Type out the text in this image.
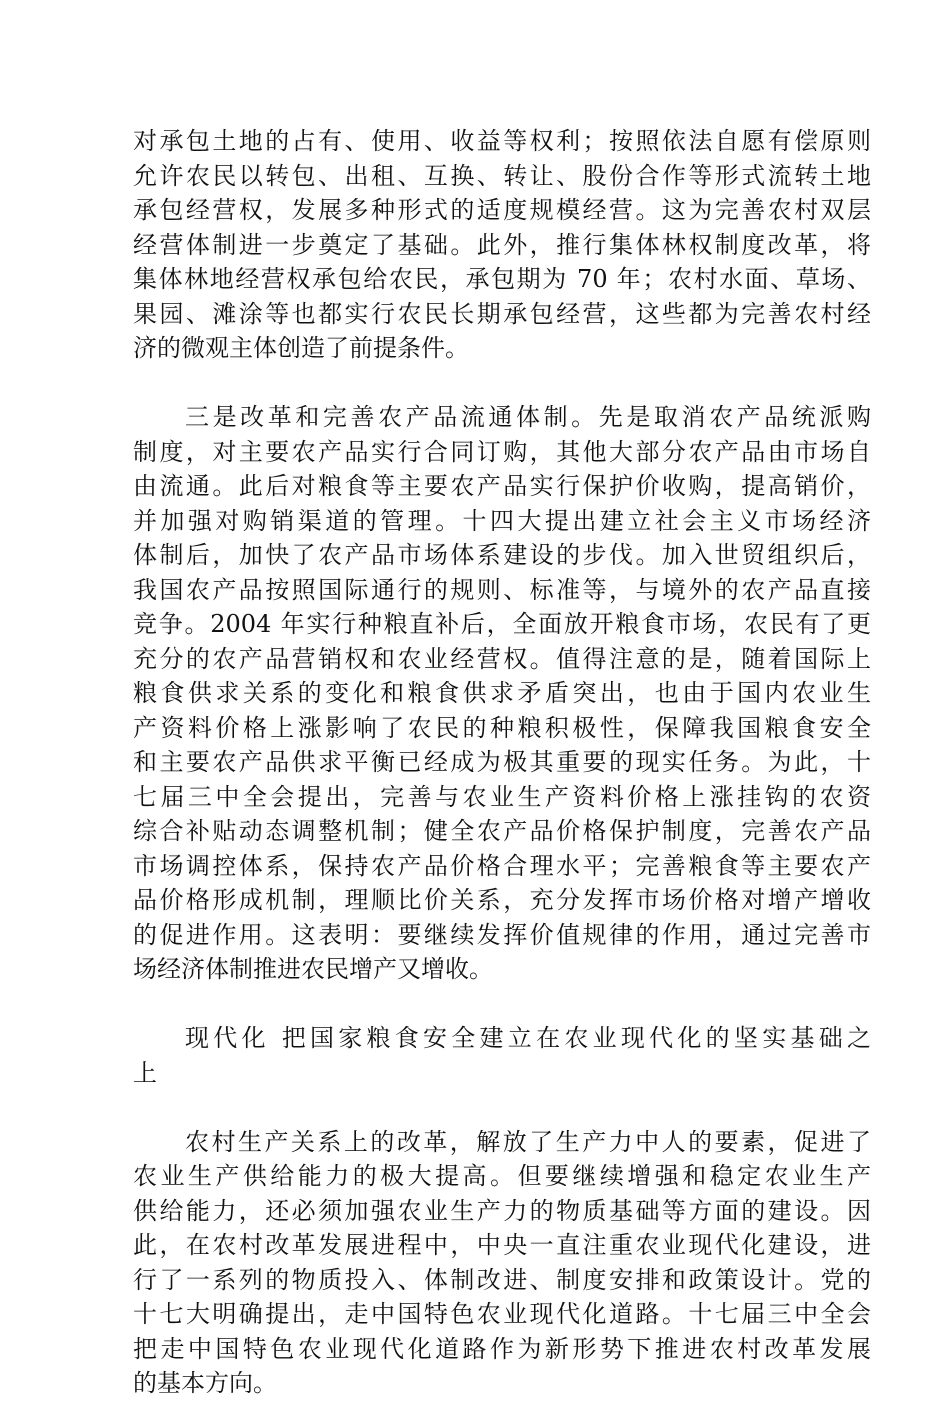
对承包土地的占有、使用、收益等权利；按照依法自愿有偿原则
允许农民以转包、出租、互换、转让、股份合作等形式流转土地
承包经营权，发展多种形式的适度规模经营。这为完善农村双层
经营体制进一步奠定了基础。此外，推行集体林权制度改革，将
集体林地经营权承包给农民，承包期为 70 年；农村水面、草场、
果园、滩涂等也都实行农民长期承包经营，这些都为完善农村经
济的微观主体创造了前提条件。
三是改革和完善农产品流通体制。先是取消农产品统派购
制度，对主要农产品实行合同订购，其他大部分农产品由市场自
由流通。此后对粮食等主要农产品实行保护价收购，提高销价，
并加强对购销渠道的管理。十四大提出建立社会主义市场经济
体制后，加快了农产品市场体系建设的步伐。加入世贸组织后，
我国农产品按照国际通行的规则、标准等，与境外的农产品直接
竞争。2004 年实行种粮直补后，全面放开粮食市场，农民有了更
充分的农产品营销权和农业经营权。值得注意的是，随着国际上
粮食供求关系的变化和粮食供求矛盾突出，也由于国内农业生
产资料价格上涨影响了农民的种粮积极性，保障我国粮食安全
和主要农产品供求平衡已经成为极其重要的现实任务。为此，十
七届三中全会提出，完善与农业生产资料价格上涨挂钩的农资
综合补贴动态调整机制；健全农产品价格保护制度，完善农产品
市场调控体系，保持农产品价格合理水平；完善粮食等主要农产
品价格形成机制，理顺比价关系，充分发挥市场价格对增产增收
的促进作用。这表明：要继续发挥价值规律的作用，通过完善市
场经济体制推进农民增产又增收。
现代化 把国家粮食安全建立在农业现代化的坚实基础之
上
农村生产关系上的改革，解放了生产力中人的要素，促进了
农业生产供给能力的极大提高。但要继续增强和稳定农业生产
供给能力，还必须加强农业生产力的物质基础等方面的建设。因
此，在农村改革发展进程中，中央一直注重农业现代化建设，进
行了一系列的物质投入、体制改进、制度安排和政策设计。党的
十七大明确提出，走中国特色农业现代化道路。十七届三中全会
把走中国特色农业现代化道路作为新形势下推进农村改革发展
的基本方向。
